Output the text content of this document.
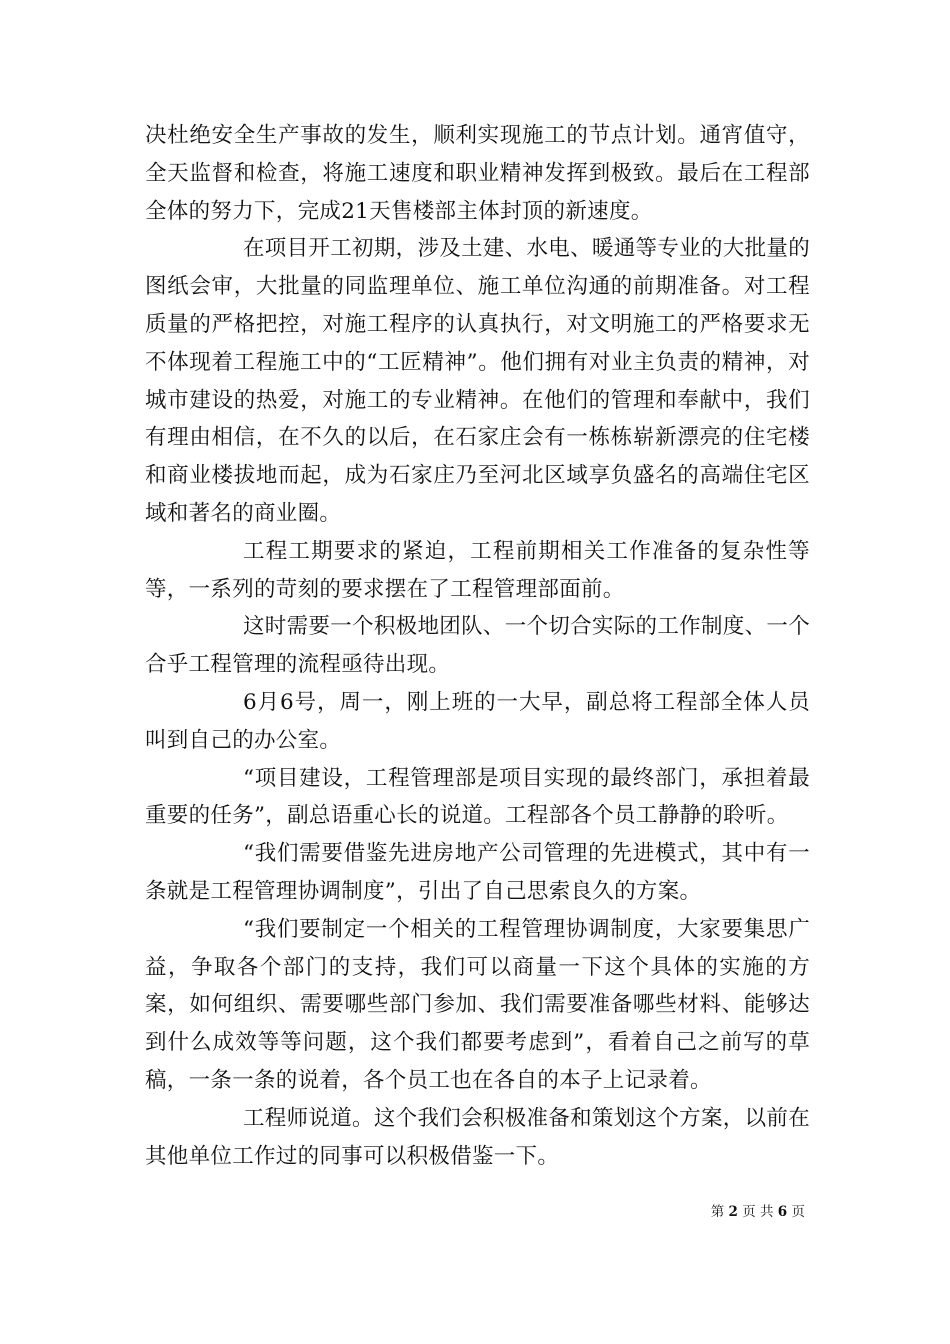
决杜绝安全生产事故的发生，顺利实现施工的节点计划。通宵值守，全天监督和检查，将施工速度和职业精神发挥到极致。最后在工程部全体的努力下，完成21天售楼部主体封顶的新速度。

在项目开工初期，涉及土建、水电、暖通等专业的大批量的图纸会审，大批量的同监理单位、施工单位沟通的前期准备。对工程质量的严格把控，对施工程序的认真执行，对文明施工的严格要求无不体现着工程施工中的“工匠精神”。他们拥有对业主负责的精神，对城市建设的热爱，对施工的专业精神。在他们的管理和奉献中，我们有理由相信，在不久的以后，在石家庄会有一栋栋崭新漂亮的住宅楼和商业楼拔地而起，成为石家庄乃至河北区域享负盛名的高端住宅区域和著名的商业圈。

工程工期要求的紧迫，工程前期相关工作准备的复杂性等等，一系列的苛刻的要求摆在了工程管理部面前。

这时需要一个积极地团队、一个切合实际的工作制度、一个合乎工程管理的流程亟待出现。

6月6号，周一，刚上班的一大早，副总将工程部全体人员叫到自己的办公室。

“项目建设，工程管理部是项目实现的最终部门，承担着最重要的任务”，副总语重心长的说道。工程部各个员工静静的聆听。

“我们需要借鉴先进房地产公司管理的先进模式，其中有一条就是工程管理协调制度”，引出了自己思索良久的方案。

“我们要制定一个相关的工程管理协调制度，大家要集思广益，争取各个部门的支持，我们可以商量一下这个具体的实施的方案，如何组织、需要哪些部门参加、我们需要准备哪些材料、能够达到什么成效等等问题，这个我们都要考虑到”，看着自己之前写的草稿，一条一条的说着，各个员工也在各自的本子上记录着。

工程师说道。这个我们会积极准备和策划这个方案，以前在其他单位工作过的同事可以积极借鉴一下。

第 2 页 共 6 页
